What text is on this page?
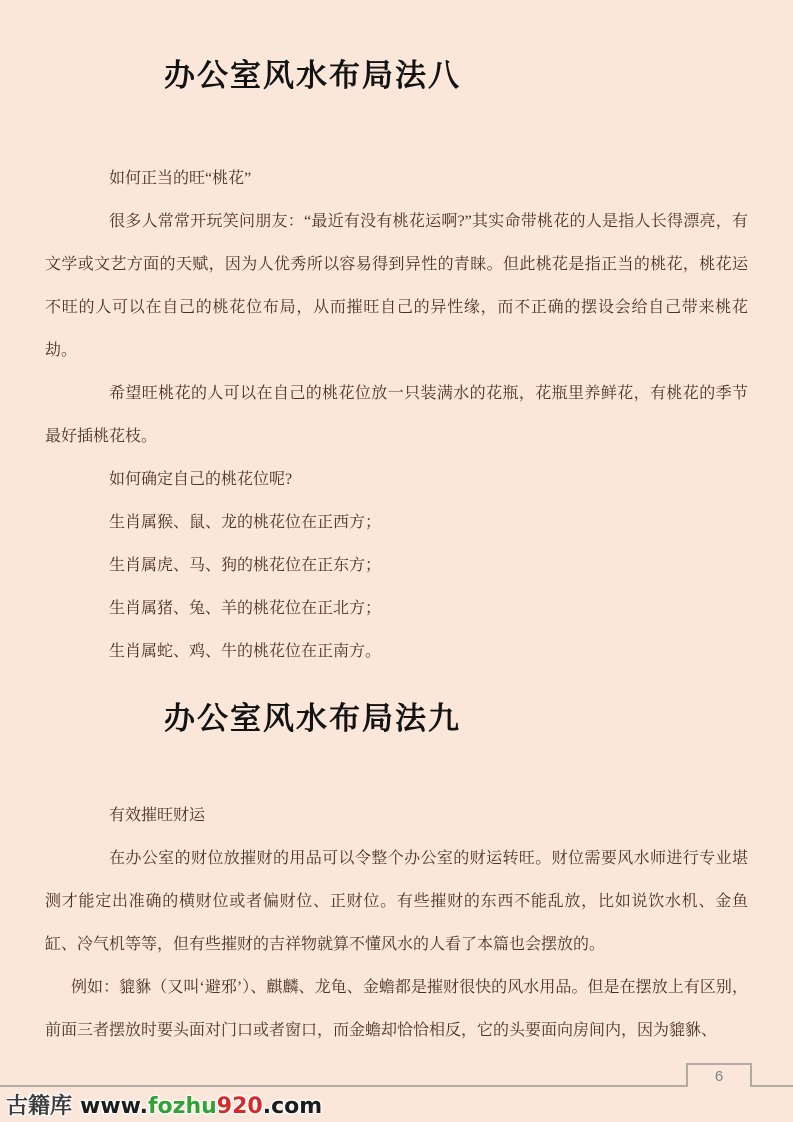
办公室风水布局法八

如何正当的旺“桃花”

很多人常常开玩笑问朋友：“最近有没有桃花运啊?”其实命带桃花的人是指人长得漂亮，有文学或文艺方面的天赋，因为人优秀所以容易得到异性的青睐。但此桃花是指正当的桃花，桃花运不旺的人可以在自己的桃花位布局，从而摧旺自己的异性缘，而不正确的摆设会给自己带来桃花劫。

希望旺桃花的人可以在自己的桃花位放一只装满水的花瓶，花瓶里养鲜花，有桃花的季节最好插桃花枝。

如何确定自己的桃花位呢?

生肖属猴、鼠、龙的桃花位在正西方；

生肖属虎、马、狗的桃花位在正东方；

生肖属猪、兔、羊的桃花位在正北方；

生肖属蛇、鸡、牛的桃花位在正南方。

办公室风水布局法九

有效摧旺财运

在办公室的财位放摧财的用品可以令整个办公室的财运转旺。财位需要风水师进行专业堪测才能定出准确的横财位或者偏财位、正财位。有些摧财的东西不能乱放，比如说饮水机、金鱼缸、冷气机等等，但有些摧财的吉祥物就算不懂风水的人看了本篇也会摆放的。

例如：貔貅（又叫‘避邪’）、麒麟、龙龟、金蟾都是摧财很快的风水用品。但是在摆放上有区别，前面三者摆放时要头面对门口或者窗口，而金蟾却恰恰相反，它的头要面向房间内，因为貔貅、

6
古籍库 www.fozhu920.com
